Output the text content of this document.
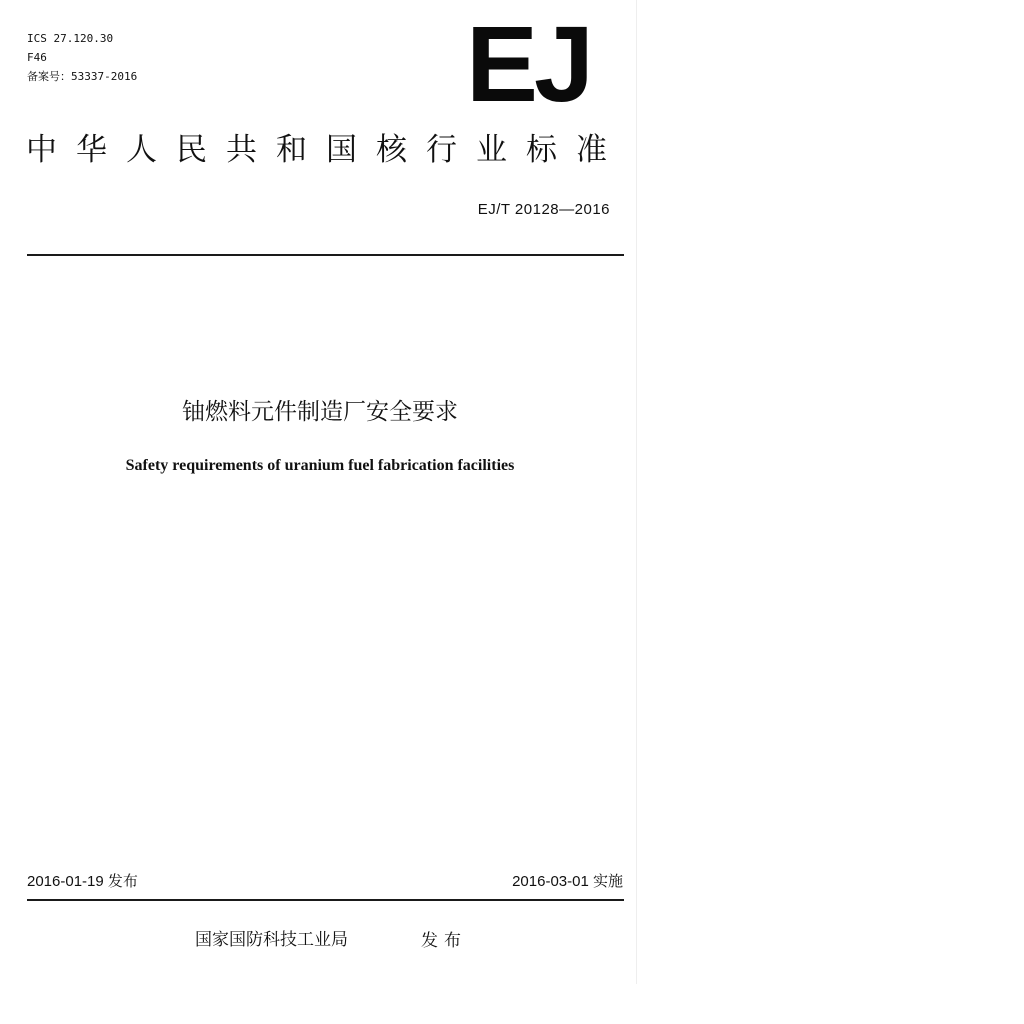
ICS 27.120.30
F46
备案号：53337-2016	EJ
中华人民共和国核行业标准
EJ/T 20128—2016
铀燃料元件制造厂安全要求
Safety requirements of uranium fuel fabrication facilities
2016-01-19 发布	2016-03-01 实施
国家国防科技工业局	发布
